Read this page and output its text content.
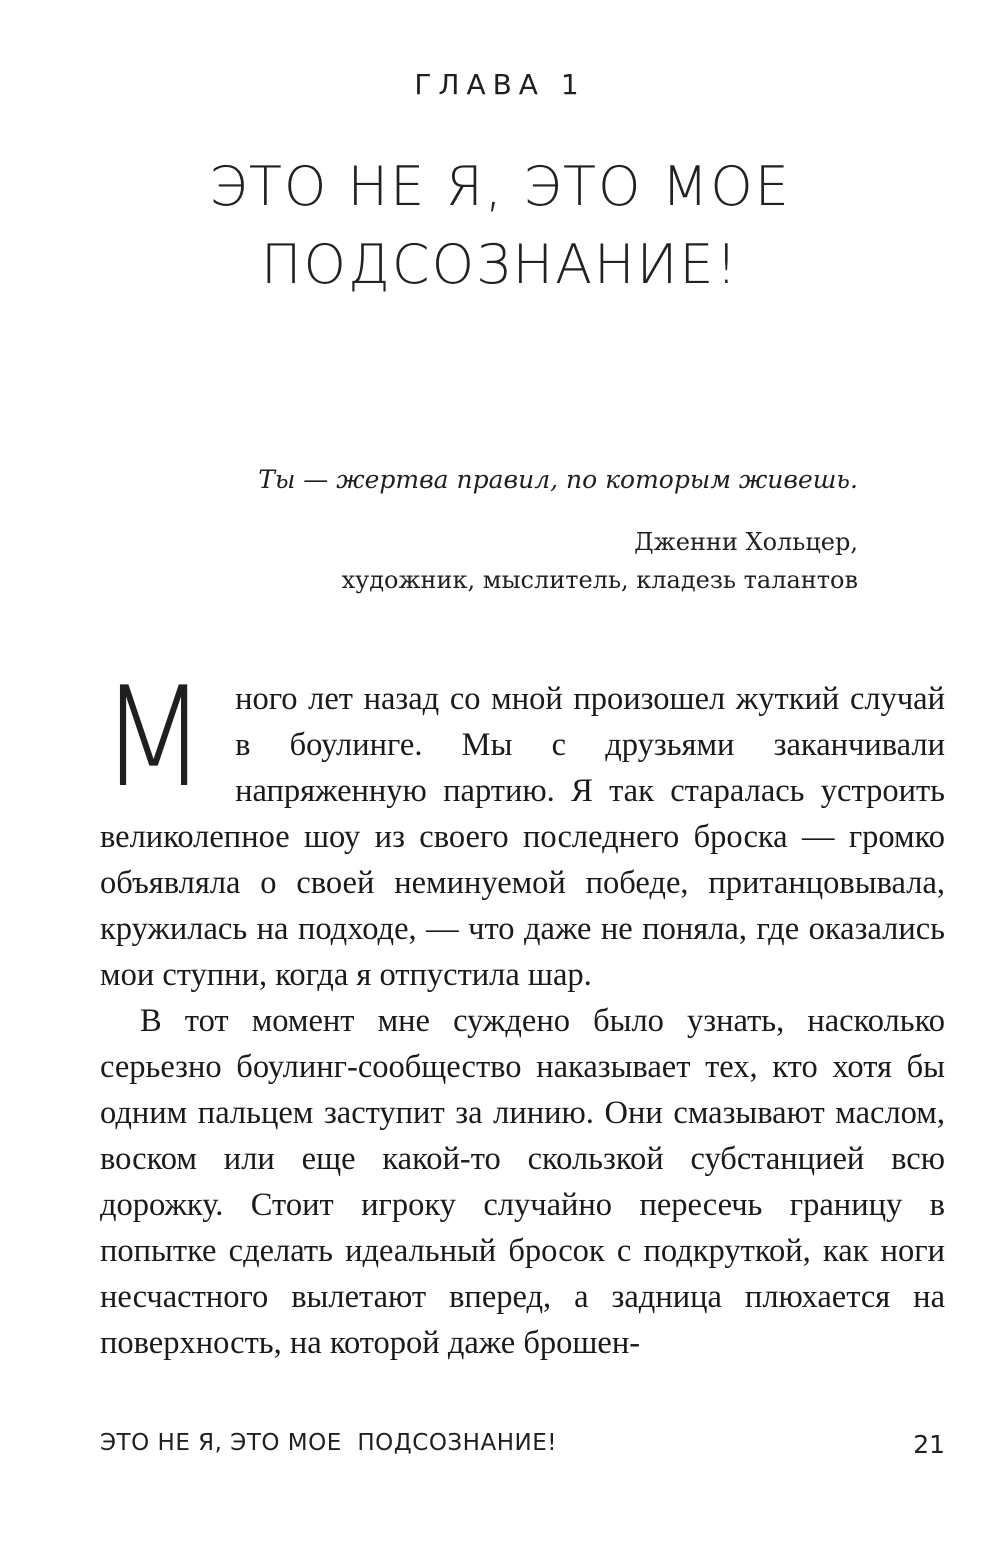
ГЛАВА 1
ЭТО НЕ Я, ЭТО МОЕ
ПОДСОЗНАНИЕ!

Ты — жертва правил, по которым живешь.

Дженни Хольцер,
художник, мыслитель, кладезь талантов

М ного лет назад со мной произошел жуткий случай в боулинге. Мы с друзьями заканчивали напряженную партию. Я так старалась устроить великолепное шоу из своего последнего броска — громко объявляла о своей неминуемой победе, пританцовывала, кружилась на подходе, — что даже не поняла, где оказались мои ступни, когда я отпустила шар.

В тот момент мне суждено было узнать, насколько серьезно боулинг-сообщество наказывает тех, кто хотя бы одним пальцем заступит за линию. Они смазывают маслом, воском или еще какой-то скользкой субстанцией всю дорожку. Стоит игроку случайно пересечь границу в попытке сделать идеальный бросок с подкруткой, как ноги несчастного вылетают вперед, а задница плюхается на поверхность, на которой даже брошен-

ЭТО НЕ Я, ЭТО МОЕ  ПОДСОЗНАНИЕ!	21
